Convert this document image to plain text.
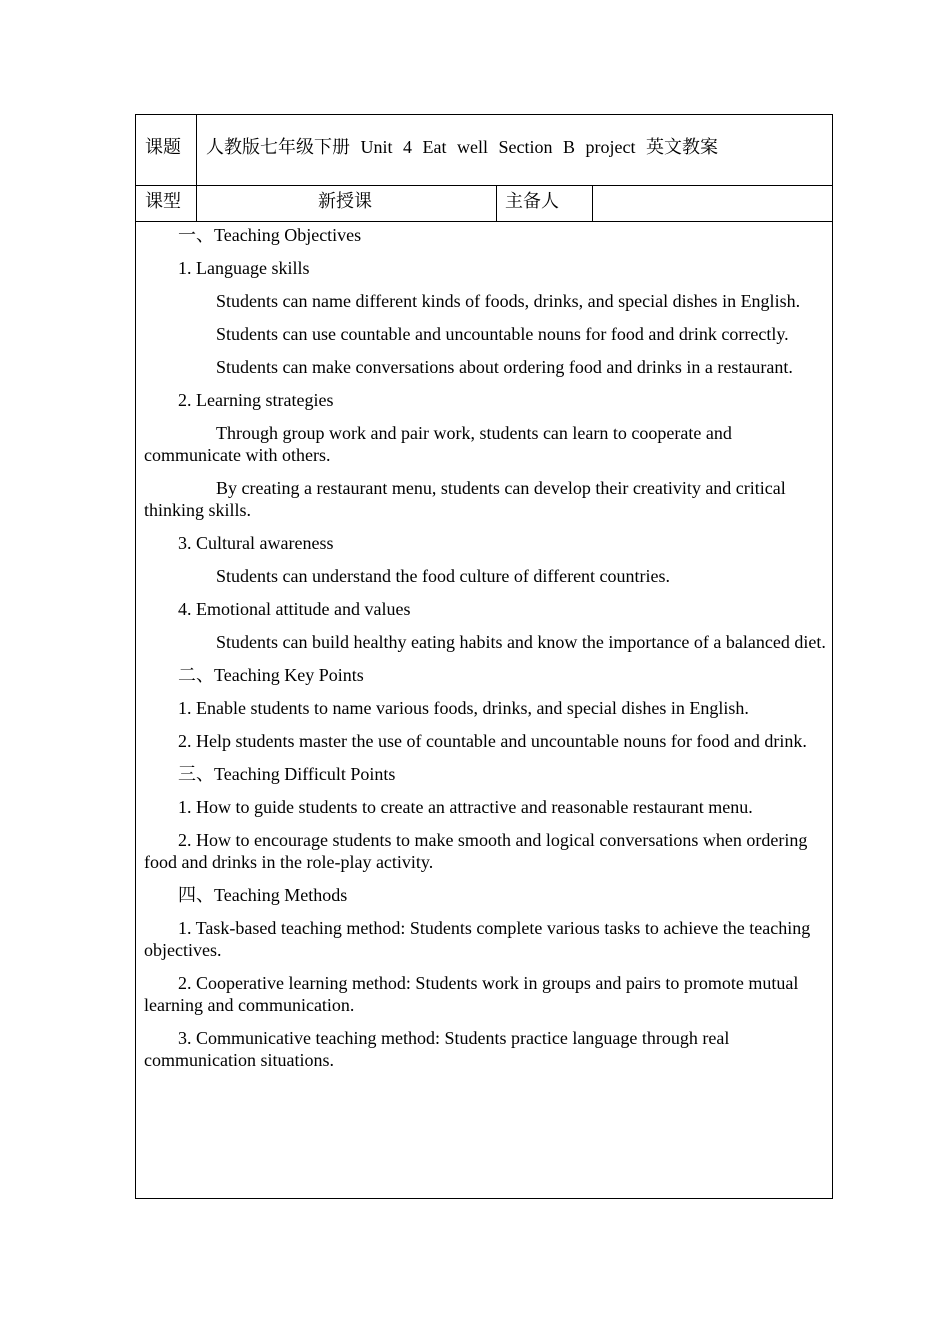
课题 人教版七年级下册 Unit 4 Eat well Section B project 英文教案
课型	新授课	主备人

一、Teaching Objectives

1. Language skills

Students can name different kinds of foods, drinks, and special dishes in English.

Students can use countable and uncountable nouns for food and drink correctly.

Students can make conversations about ordering food and drinks in a restaurant.

2. Learning strategies

Through group work and pair work, students can learn to cooperate and communicate with others.

By creating a restaurant menu, students can develop their creativity and critical thinking skills.

3. Cultural awareness

Students can understand the food culture of different countries.

4. Emotional attitude and values

Students can build healthy eating habits and know the importance of a balanced diet.

二、Teaching Key Points

1. Enable students to name various foods, drinks, and special dishes in English.

2. Help students master the use of countable and uncountable nouns for food and drink.

三、Teaching Difficult Points

1. How to guide students to create an attractive and reasonable restaurant menu.

2. How to encourage students to make smooth and logical conversations when ordering food and drinks in the role-play activity.

四、Teaching Methods

1. Task-based teaching method: Students complete various tasks to achieve the teaching objectives.

2. Cooperative learning method: Students work in groups and pairs to promote mutual learning and communication.

3. Communicative teaching method: Students practice language through real communication situations.
